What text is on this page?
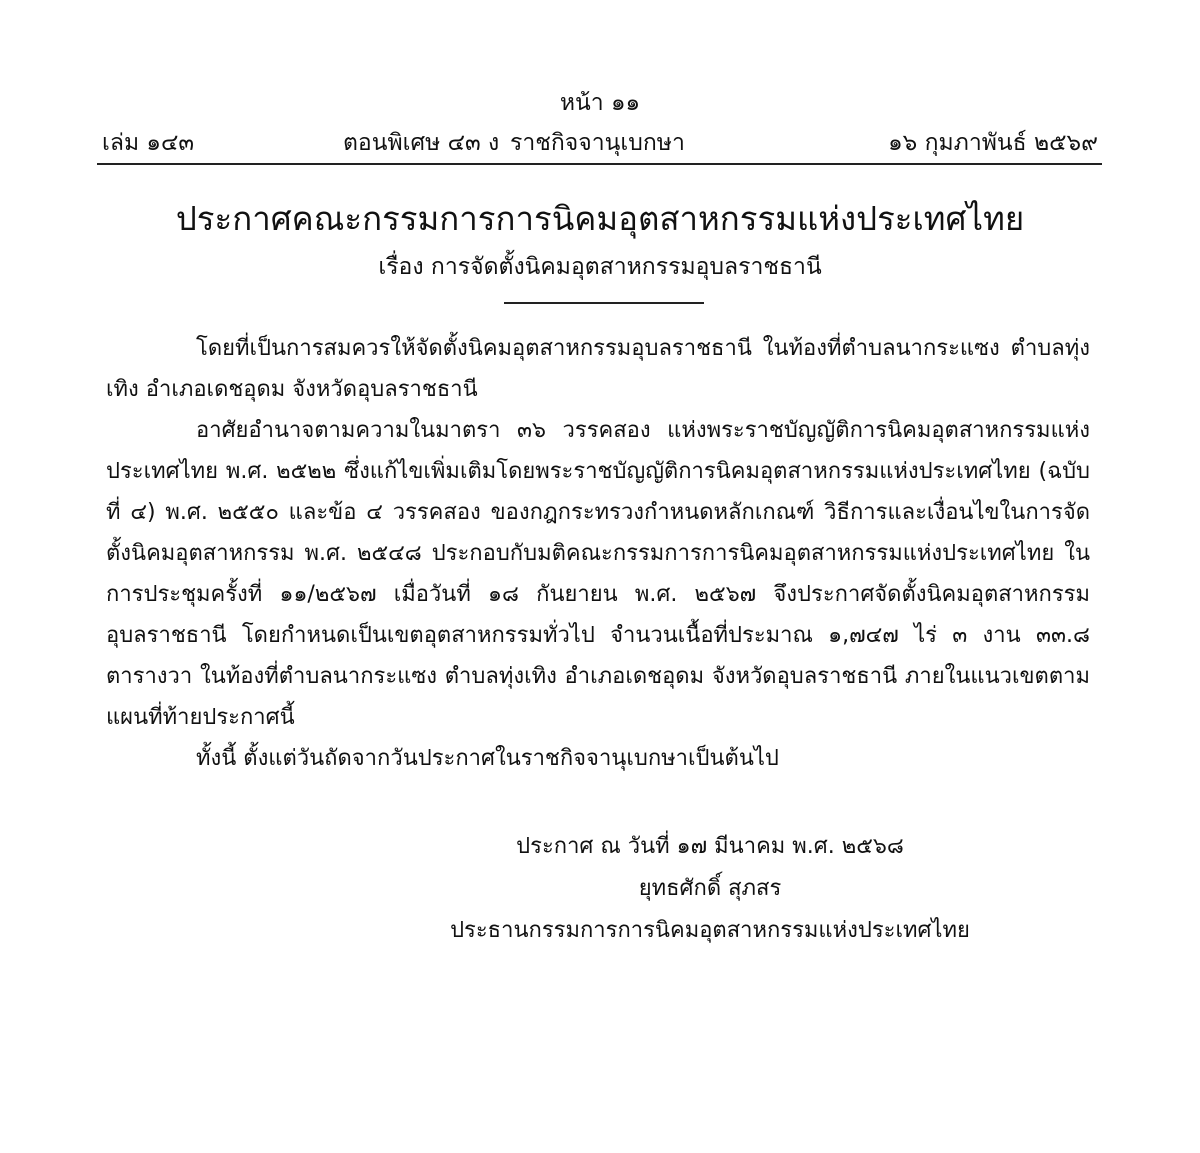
หน้า ๑๑
เล่ม ๑๔๓	ตอนพิเศษ ๔๓ ง ราชกิจจานุเบกษา	๑๖ กุมภาพันธ์ ๒๕๖๙
ประกาศคณะกรรมการการนิคมอุตสาหกรรมแห่งประเทศไทย
เรื่อง การจัดตั้งนิคมอุตสาหกรรมอุบลราชธานี

โดยที่เป็นการสมควรให้จัดตั้งนิคมอุตสาหกรรมอุบลราชธานี ในท้องที่ตำบลนากระแซง ตำบลทุ่งเทิง อำเภอเดชอุดม จังหวัดอุบลราชธานี

อาศัยอำนาจตามความในมาตรา ๓๖ วรรคสอง แห่งพระราชบัญญัติการนิคมอุตสาหกรรมแห่งประเทศไทย พ.ศ. ๒๕๒๒ ซึ่งแก้ไขเพิ่มเติมโดยพระราชบัญญัติการนิคมอุตสาหกรรมแห่งประเทศไทย (ฉบับที่ ๔) พ.ศ. ๒๕๕๐ และข้อ ๔ วรรคสอง ของกฎกระทรวงกำหนดหลักเกณฑ์ วิธีการและเงื่อนไขในการจัดตั้งนิคมอุตสาหกรรม พ.ศ. ๒๕๔๘ ประกอบกับมติคณะกรรมการการนิคมอุตสาหกรรมแห่งประเทศไทย ในการประชุมครั้งที่ ๑๑/๒๕๖๗ เมื่อวันที่ ๑๘ กันยายน พ.ศ. ๒๕๖๗ จึงประกาศจัดตั้งนิคมอุตสาหกรรมอุบลราชธานี โดยกำหนดเป็นเขตอุตสาหกรรมทั่วไป จำนวนเนื้อที่ประมาณ ๑,๗๔๗ ไร่ ๓ งาน ๓๓.๘ ตารางวา ในท้องที่ตำบลนากระแซง ตำบลทุ่งเทิง อำเภอเดชอุดม จังหวัดอุบลราชธานี ภายในแนวเขตตามแผนที่ท้ายประกาศนี้

ทั้งนี้ ตั้งแต่วันถัดจากวันประกาศในราชกิจจานุเบกษาเป็นต้นไป

ประกาศ ณ วันที่ ๑๗ มีนาคม พ.ศ. ๒๕๖๘
ยุทธศักดิ์ สุภสร
ประธานกรรมการการนิคมอุตสาหกรรมแห่งประเทศไทย
